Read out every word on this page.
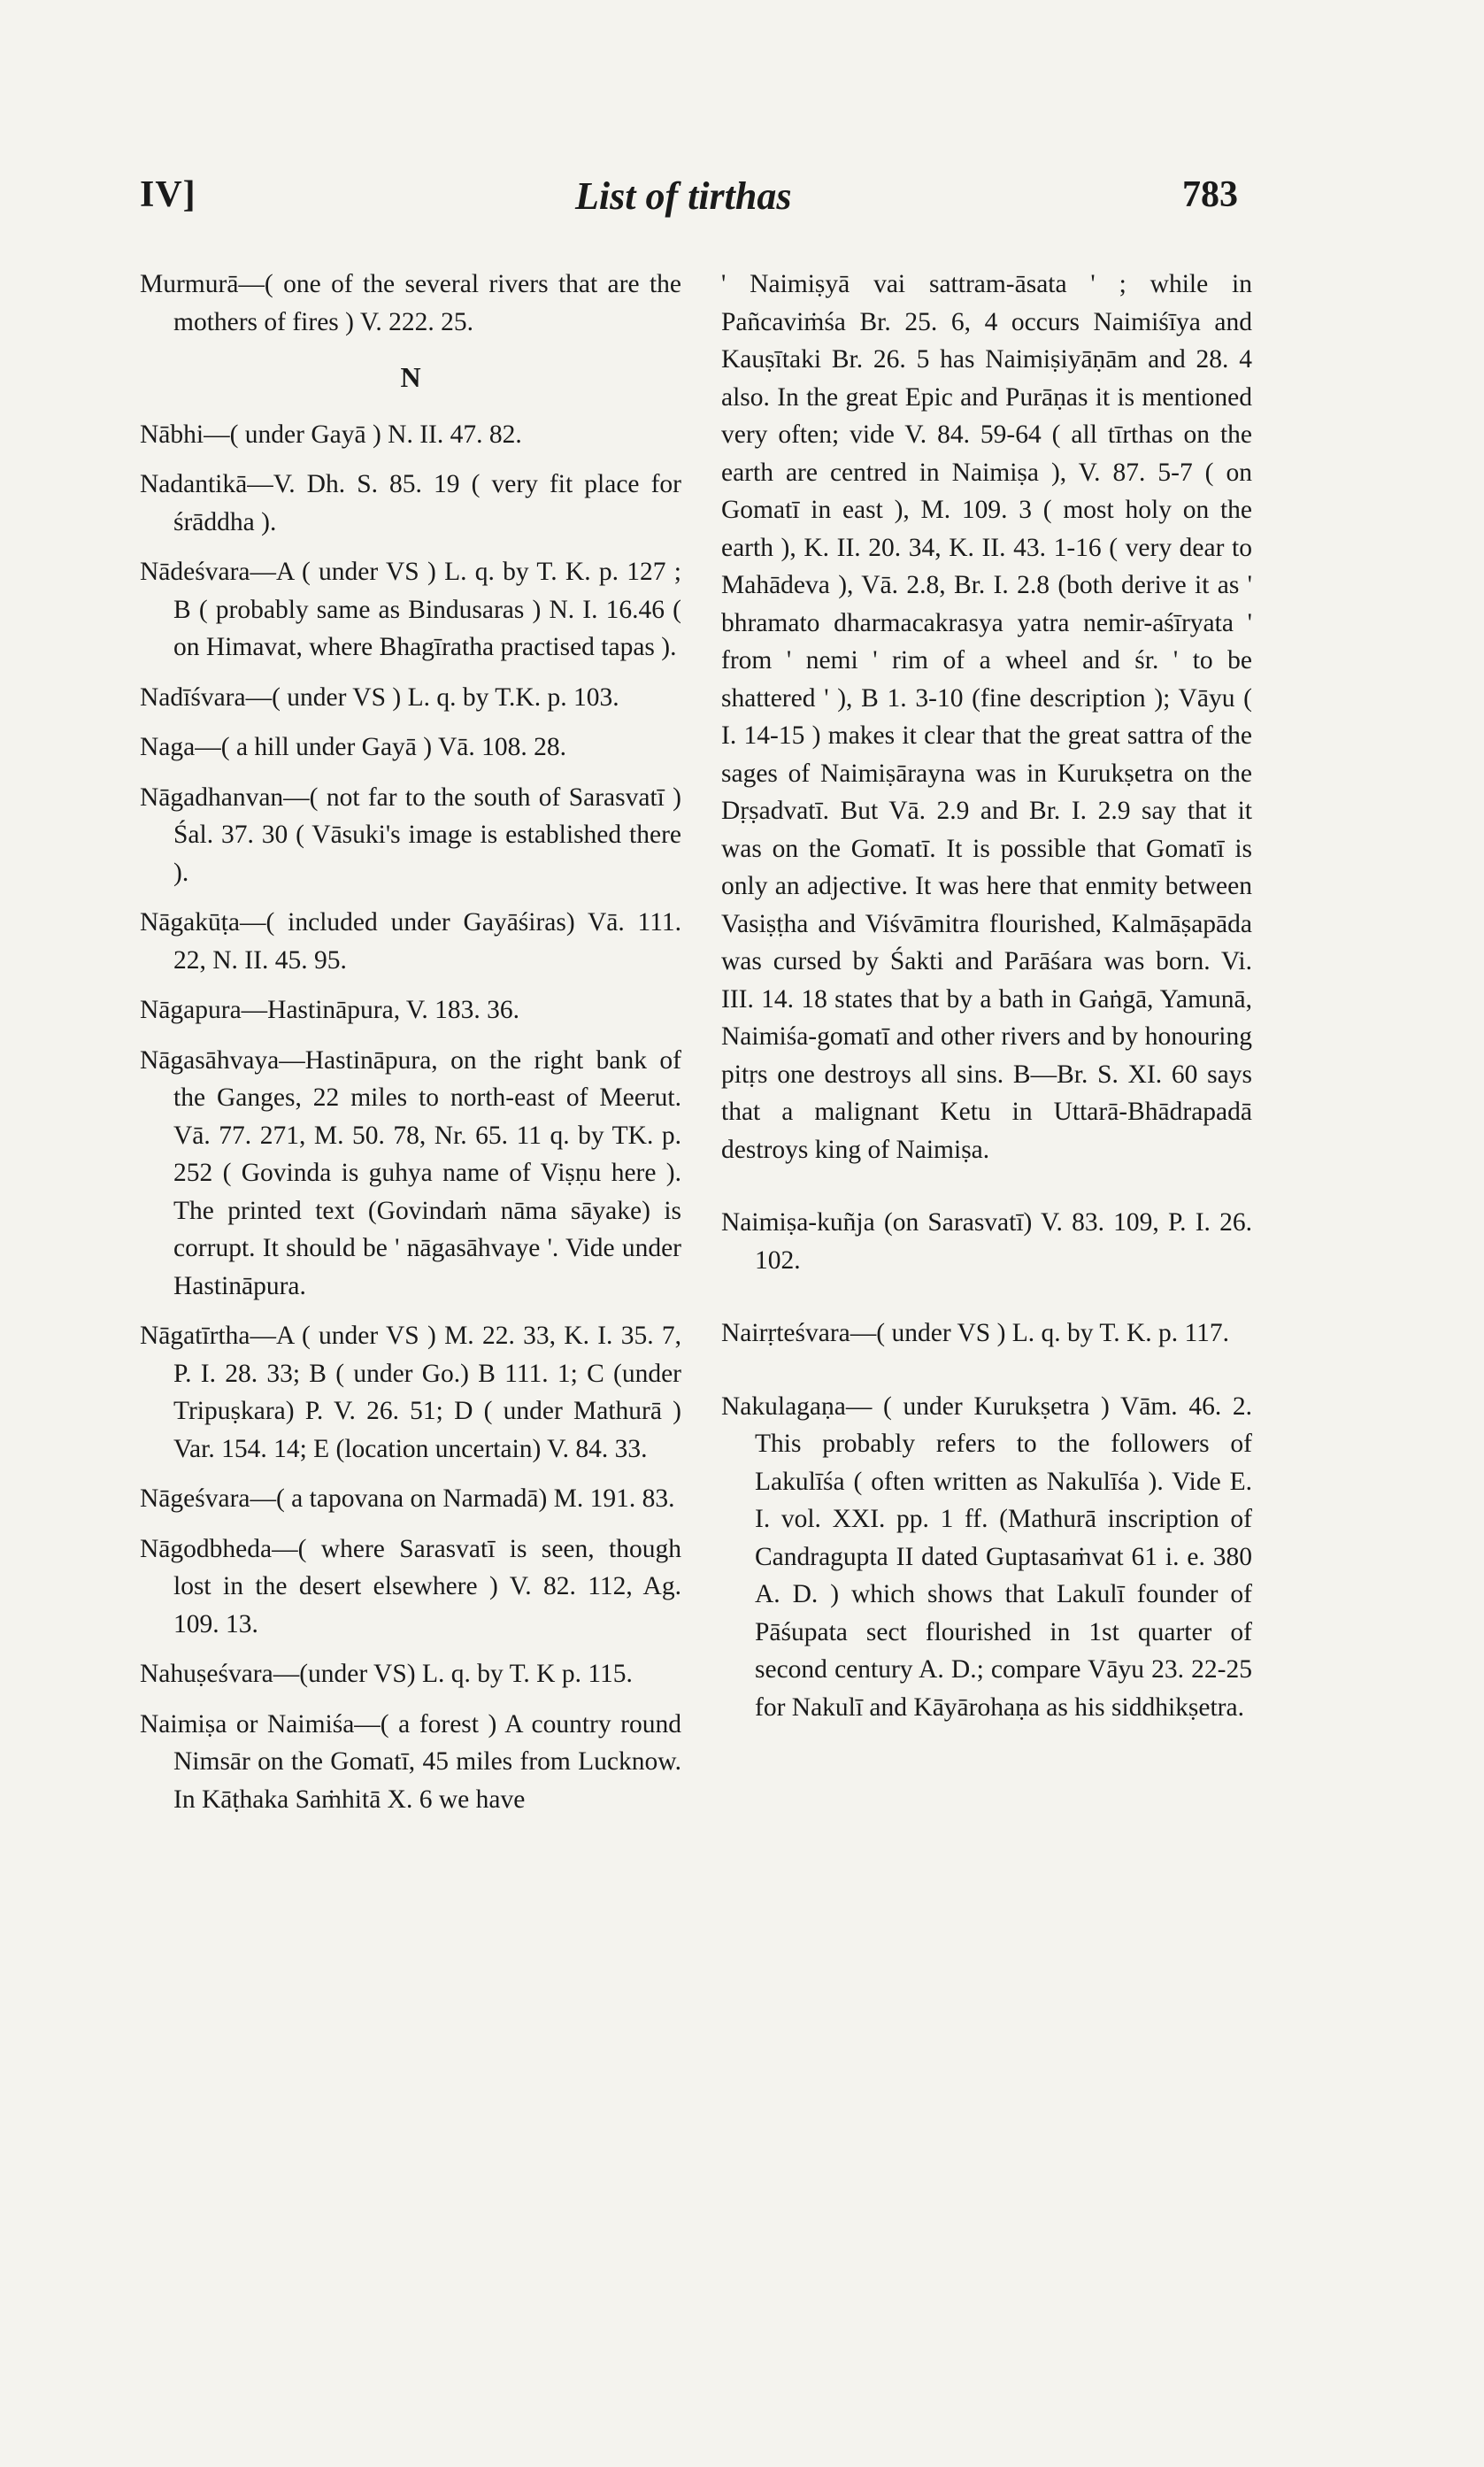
IV]	List of tirthas	783

Murmurā—( one of the several rivers that are the mothers of fires ) V. 222. 25.

N

Nābhi—( under Gayā ) N. II. 47. 82.

Nadantikā—V. Dh. S. 85. 19 ( very fit place for śrāddha ).

Nādeśvara—A ( under VS ) L. q. by T. K. p. 127 ; B ( probably same as Bindusaras ) N. I. 16.46 ( on Himavat, where Bhagīratha practised tapas ).

Nadīśvara—( under VS ) L. q. by T.K. p. 103.

Naga—( a hill under Gayā ) Vā. 108. 28.

Nāgadhanvan—( not far to the south of Sarasvatī ) Śal. 37. 30 ( Vāsuki's image is established there ).

Nāgakūṭa—( included under Gayāśiras) Vā. 111. 22, N. II. 45. 95.

Nāgapura—Hastināpura, V. 183. 36.

Nāgasāhvaya—Hastināpura, on the right bank of the Ganges, 22 miles to north-east of Meerut. Vā. 77. 271, M. 50. 78, Nr. 65. 11 q. by TK. p. 252 ( Govinda is guhya name of Viṣṇu here ). The printed text (Govindaṁ nāma sāyake) is corrupt. It should be ' nāgasāhvaye '. Vide under Hastināpura.

Nāgatīrtha—A ( under VS ) M. 22. 33, K. I. 35. 7, P. I. 28. 33; B ( under Go.) B 111. 1; C (under Tripuṣkara) P. V. 26. 51; D ( under Mathurā ) Var. 154. 14; E (location uncertain) V. 84. 33.

Nāgeśvara—( a tapovana on Narmadā) M. 191. 83.

Nāgodbheda—( where Sarasvatī is seen, though lost in the desert elsewhere ) V. 82. 112, Ag. 109. 13.

Nahuṣeśvara—(under VS) L. q. by T. K p. 115.

Naimiṣa or Naimiśa—( a forest ) A country round Nimsār on the Gomatī, 45 miles from Lucknow. In Kāṭhaka Saṁhitā X. 6 we have

' Naimiṣyā vai sattram-āsata ' ; while in Pañcaviṁśa Br. 25. 6, 4 occurs Naimiśīya and Kauṣītaki Br. 26. 5 has Naimiṣiyāṇām and 28. 4 also. In the great Epic and Purāṇas it is mentioned very often; vide V. 84. 59-64 ( all tīrthas on the earth are centred in Naimiṣa ), V. 87. 5-7 ( on Gomatī in east ), M. 109. 3 ( most holy on the earth ), K. II. 20. 34, K. II. 43. 1-16 ( very dear to Mahādeva ), Vā. 2.8, Br. I. 2.8 (both derive it as ' bhramato dharmacakrasya yatra nemir-aśīryata ' from ' nemi ' rim of a wheel and śr. ' to be shattered ' ), B 1. 3-10 (fine description ); Vāyu ( I. 14-15 ) makes it clear that the great sattra of the sages of Naimiṣārayna was in Kurukṣetra on the Dṛṣadvatī. But Vā. 2.9 and Br. I. 2.9 say that it was on the Gomatī. It is possible that Gomatī is only an adjective. It was here that enmity between Vasiṣṭha and Viśvāmitra flourished, Kalmāṣapāda was cursed by Śakti and Parāśara was born. Vi. III. 14. 18 states that by a bath in Gaṅgā, Yamunā, Naimiśa-gomatī and other rivers and by honouring pitṛs one destroys all sins. B—Br. S. XI. 60 says that a malignant Ketu in Uttarā-Bhādrapadā destroys king of Naimiṣa.

Naimiṣa-kuñja (on Sarasvatī) V. 83. 109, P. I. 26. 102.

Nairṛteśvara—( under VS ) L. q. by T. K. p. 117.

Nakulagaṇa— ( under Kurukṣetra ) Vām. 46. 2. This probably refers to the followers of Lakulīśa ( often written as Nakulīśa ). Vide E. I. vol. XXI. pp. 1 ff. (Mathurā inscription of Candragupta II dated Guptasaṁvat 61 i. e. 380 A. D. ) which shows that Lakulī founder of Pāśupata sect flourished in 1st quarter of second century A. D.; compare Vāyu 23. 22-25 for Nakulī and Kāyārohaṇa as his siddhikṣetra.
